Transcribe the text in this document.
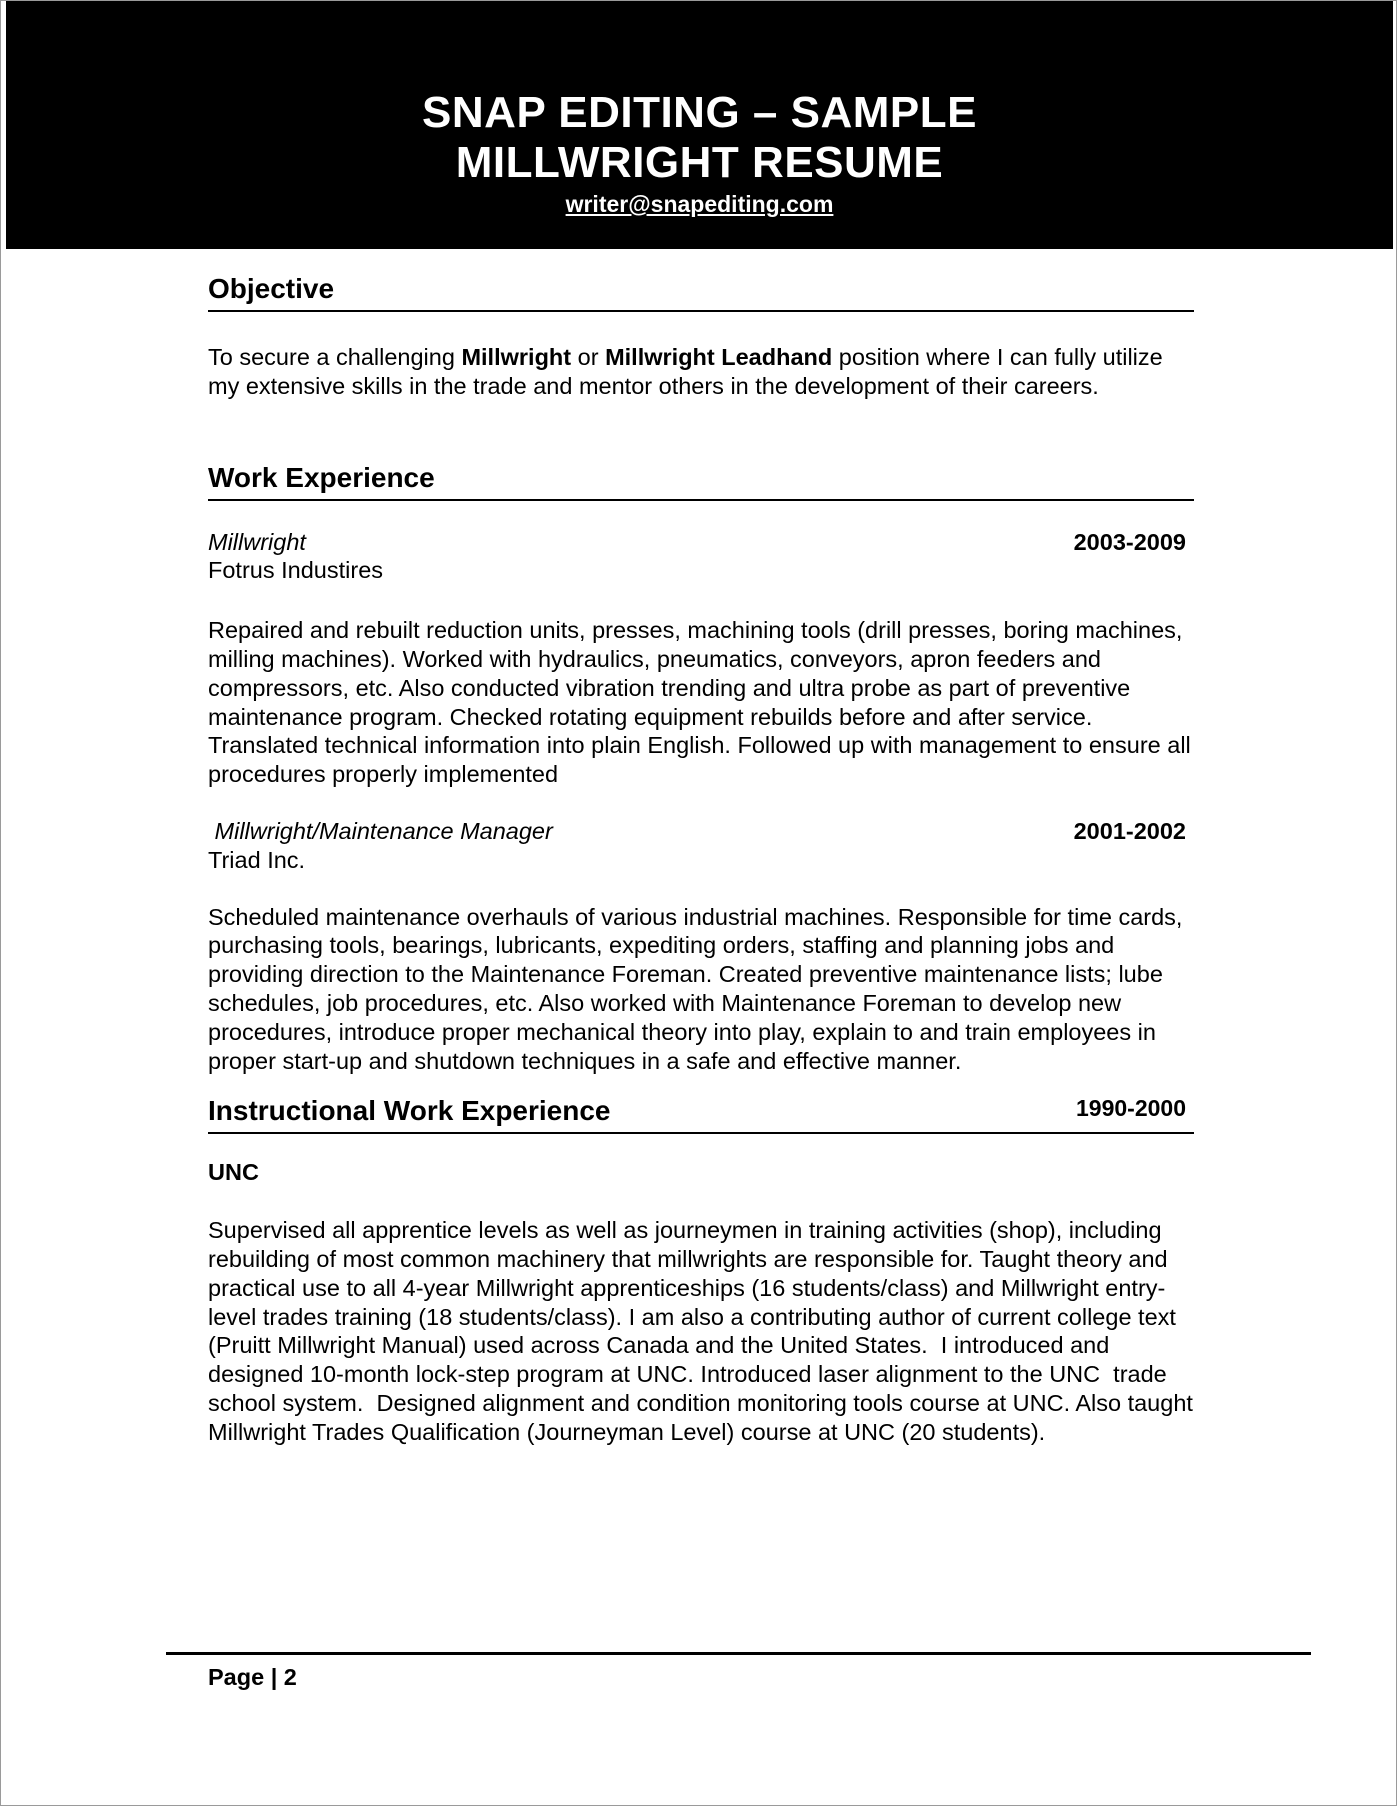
SNAP EDITING – SAMPLE
MILLWRIGHT RESUME
writer@snapediting.com
Objective

To secure a challenging Millwright or Millwright Leadhand position where I can fully utilize my extensive skills in the trade and mentor others in the development of their careers.

Work Experience
Millwright	2003-2009
Fotrus Industires

Repaired and rebuilt reduction units, presses, machining tools (drill presses, boring machines, milling machines). Worked with hydraulics, pneumatics, conveyors, apron feeders and compressors, etc. Also conducted vibration trending and ultra probe as part of preventive maintenance program. Checked rotating equipment rebuilds before and after service. Translated technical information into plain English. Followed up with management to ensure all procedures properly implemented

Millwright/Maintenance Manager	2001-2002
Triad Inc.

Scheduled maintenance overhauls of various industrial machines. Responsible for time cards, purchasing tools, bearings, lubricants, expediting orders, staffing and planning jobs and providing direction to the Maintenance Foreman. Created preventive maintenance lists; lube schedules, job procedures, etc. Also worked with Maintenance Foreman to develop new procedures, introduce proper mechanical theory into play, explain to and train employees in proper start-up and shutdown techniques in a safe and effective manner.

Instructional Work Experience	1990-2000
UNC

Supervised all apprentice levels as well as journeymen in training activities (shop), including rebuilding of most common machinery that millwrights are responsible for. Taught theory and practical use to all 4-year Millwright apprenticeships (16 students/class) and Millwright entry-level trades training (18 students/class). I am also a contributing author of current college text (Pruitt Millwright Manual) used across Canada and the United States.  I introduced and designed 10-month lock-step program at UNC. Introduced laser alignment to the UNC  trade school system.  Designed alignment and condition monitoring tools course at UNC. Also taught Millwright Trades Qualification (Journeyman Level) course at UNC (20 students).

Page | 2
